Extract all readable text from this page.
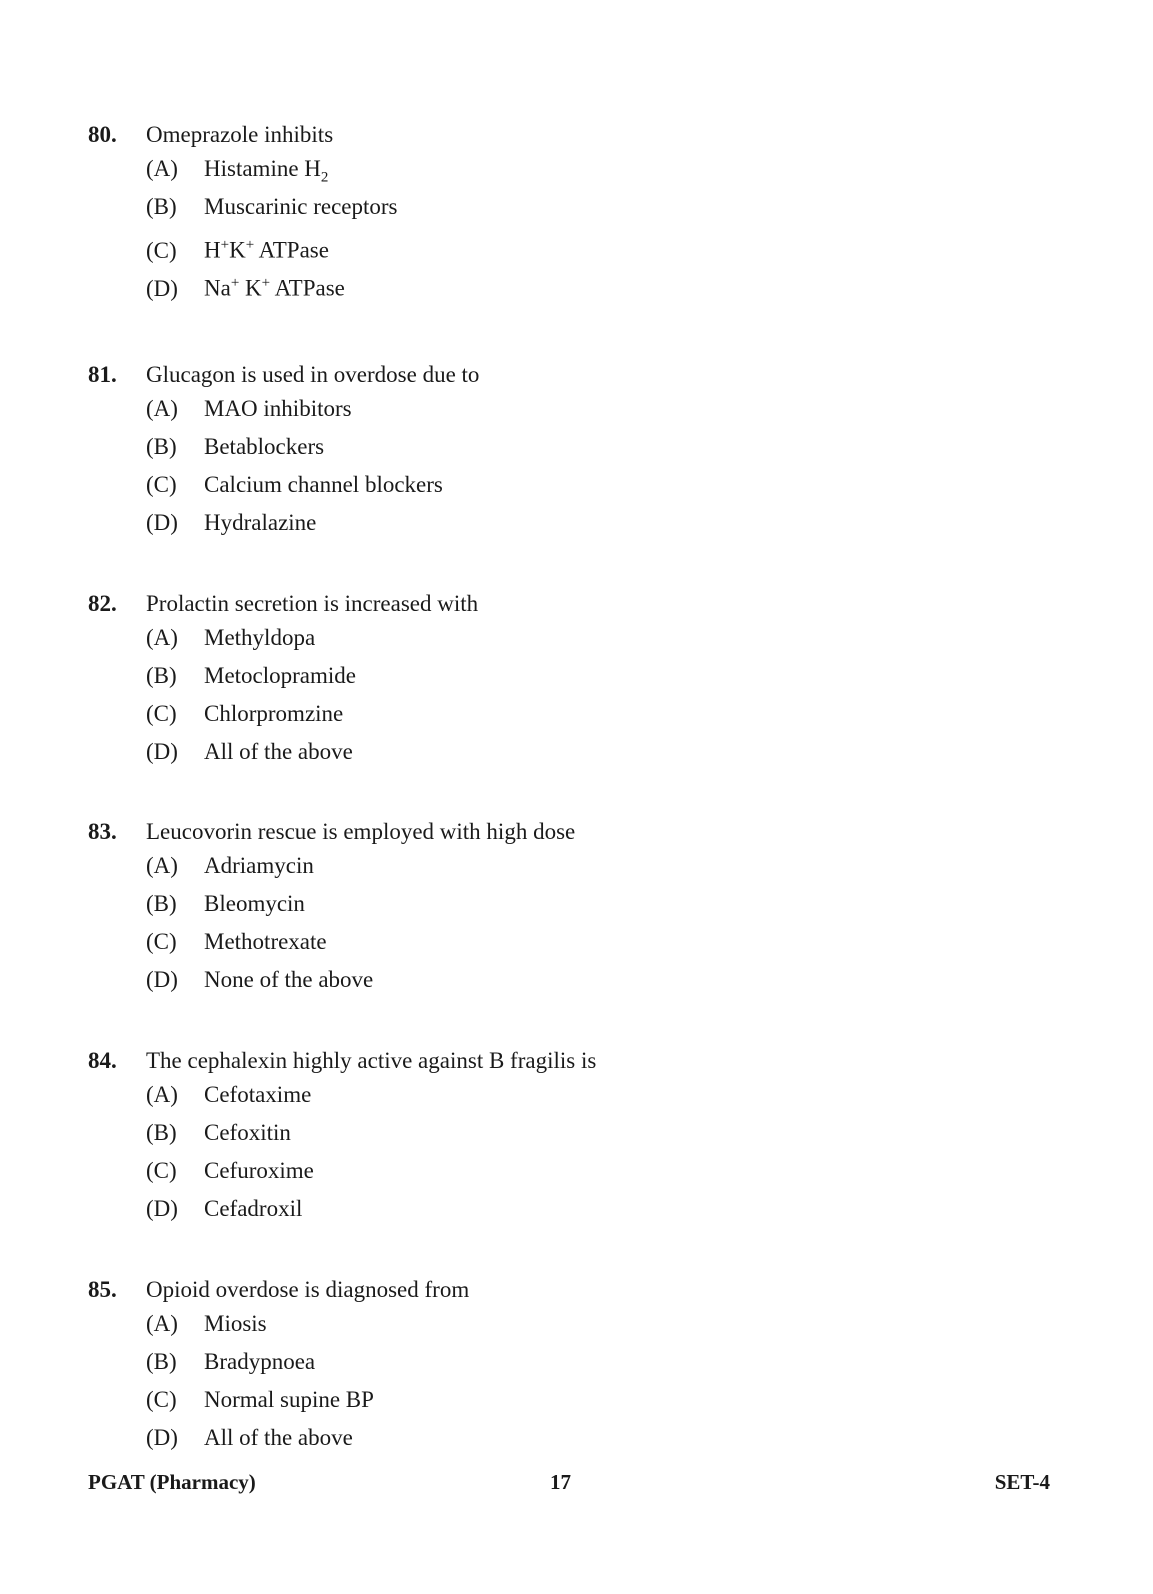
80.	Omeprazole inhibits
(A)	Histamine $H_2$
(B)	Muscarinic receptors
(C)	H+K+ ATPase
(D)	Na+ K+ ATPase
81.	Glucagon is used in overdose due to
(A)	MAO inhibitors
(B)	Betablockers
(C)	Calcium channel blockers
(D)	Hydralazine
82.	Prolactin secretion is increased with
(A)	Methyldopa
(B)	Metoclopramide
(C)	Chlorpromzine
(D)	All of the above
83.	Leucovorin rescue is employed with high dose
(A)	Adriamycin
(B)	Bleomycin
(C)	Methotrexate
(D)	None of the above
84.	The cephalexin highly active against B fragilis is
(A)	Cefotaxime
(B)	Cefoxitin
(C)	Cefuroxime
(D)	Cefadroxil
85.	Opioid overdose is diagnosed from
(A)	Miosis
(B)	Bradypnoea
(C)	Normal supine BP
(D)	All of the above
PGAT (Pharmacy)	17	SET-4
